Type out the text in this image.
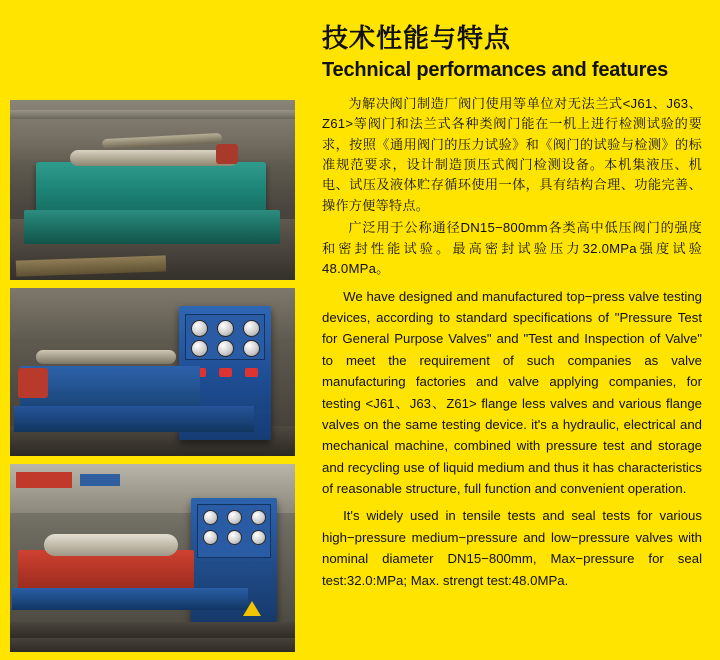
技术性能与特点
Technical performances and features

为解决阀门制造厂阀门使用等单位对无法兰式<J61、J63、Z61>等阀门和法兰式各种类阀门能在一机上进行检测试验的要求，按照《通用阀门的压力试验》和《阀门的试验与检测》的标准规范要求，设计制造顶压式阀门检测设备。本机集液压、机电、试压及液体贮存循环使用一体，具有结构合理、功能完善、操作方便等特点。

广泛用于公称通径DN15−800mm各类高中低压阀门的强度和密封性能试验。最高密封试验压力32.0MPa强度试验48.0MPa。

We have designed and manufactured top−press valve testing devices, according to standard specifications of "Pressure Test for General Purpose Valves" and "Test and Inspection of Valve" to meet the requirement of such companies as valve manufacturing factories and valve applying companies, for testing <J61、J63、Z61> flange less valves and various flange valves on the same testing device. it's a hydraulic, electrical and mechanical machine, combined with pressure test and storage and recycling use of liquid medium and thus it has characteristics of reasonable structure, full function and convenient operation.

It's widely used in tensile tests and seal tests for various high−pressure medium−pressure and low−pressure valves with nominal diameter DN15−800mm, Max−pressure for seal test:32.0:MPa; Max. strengt test:48.0MPa.
